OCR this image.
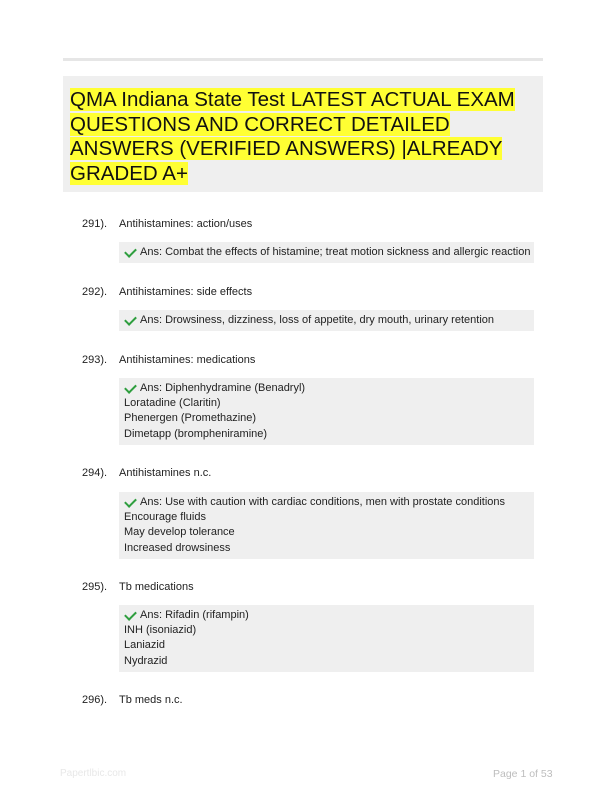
QMA Indiana State Test LATEST ACTUAL EXAM QUESTIONS AND CORRECT DETAILED ANSWERS (VERIFIED ANSWERS) |ALREADY GRADED A+
291). Antihistamines: action/uses
Ans: Combat the effects of histamine; treat motion sickness and allergic reaction
292). Antihistamines: side effects
Ans: Drowsiness, dizziness, loss of appetite, dry mouth, urinary retention
293). Antihistamines: medications
Ans: Diphenhydramine (Benadryl)
Loratadine (Claritin)
Phenergen (Promethazine)
Dimetapp (brompheniramine)
294). Antihistamines n.c.
Ans: Use with caution with cardiac conditions, men with prostate conditions
Encourage fluids
May develop tolerance
Increased drowsiness
295). Tb medications
Ans: Rifadin (rifampin)
INH (isoniazid)
Laniazid
Nydrazid
296). Tb meds n.c.
Papertlbic.com	Page 1 of 53
